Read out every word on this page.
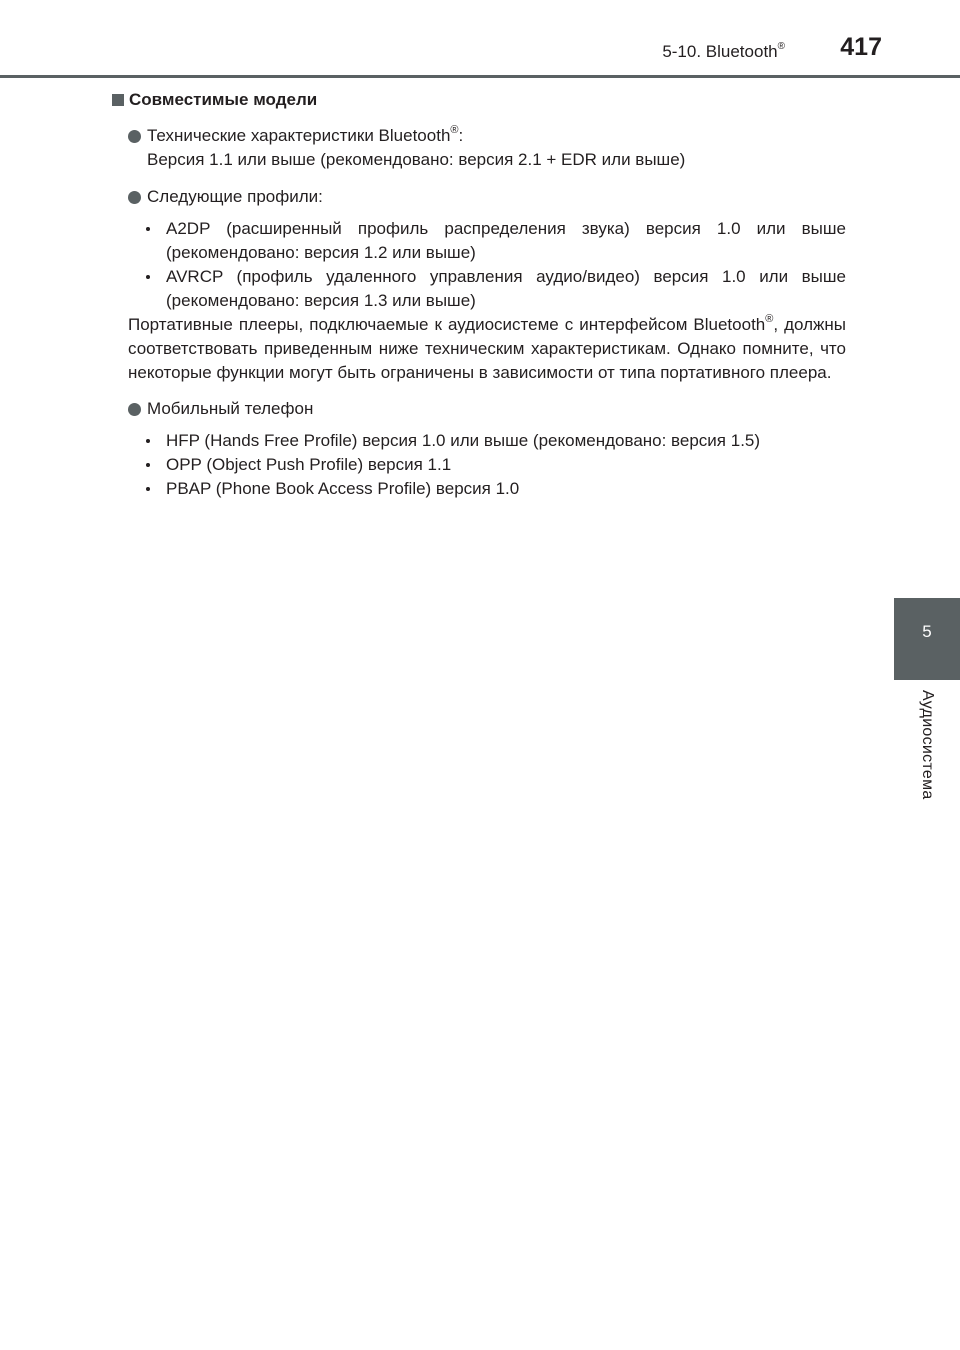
5-10. Bluetooth® 417
5
Аудиосистема
Совместимые модели
Технические характеристики Bluetooth®:
Версия 1.1 или выше (рекомендовано: версия 2.1 + EDR или выше)
Следующие профили:
A2DP (расширенный профиль распределения звука) версия 1.0 или выше (рекомендовано: версия 1.2 или выше)
AVRCP (профиль удаленного управления аудио/видео) версия 1.0 или выше (рекомендовано: версия 1.3 или выше)
Портативные плееры, подключаемые к аудиосистеме с интерфейсом Bluetooth®, должны соответствовать приведенным ниже техническим характеристикам. Однако помните, что некоторые функции могут быть ограничены в зависимости от типа портативного плеера.
Мобильный телефон
HFP (Hands Free Profile) версия 1.0 или выше (рекомендовано: версия 1.5)
OPP (Object Push Profile) версия 1.1
PBAP (Phone Book Access Profile) версия 1.0
